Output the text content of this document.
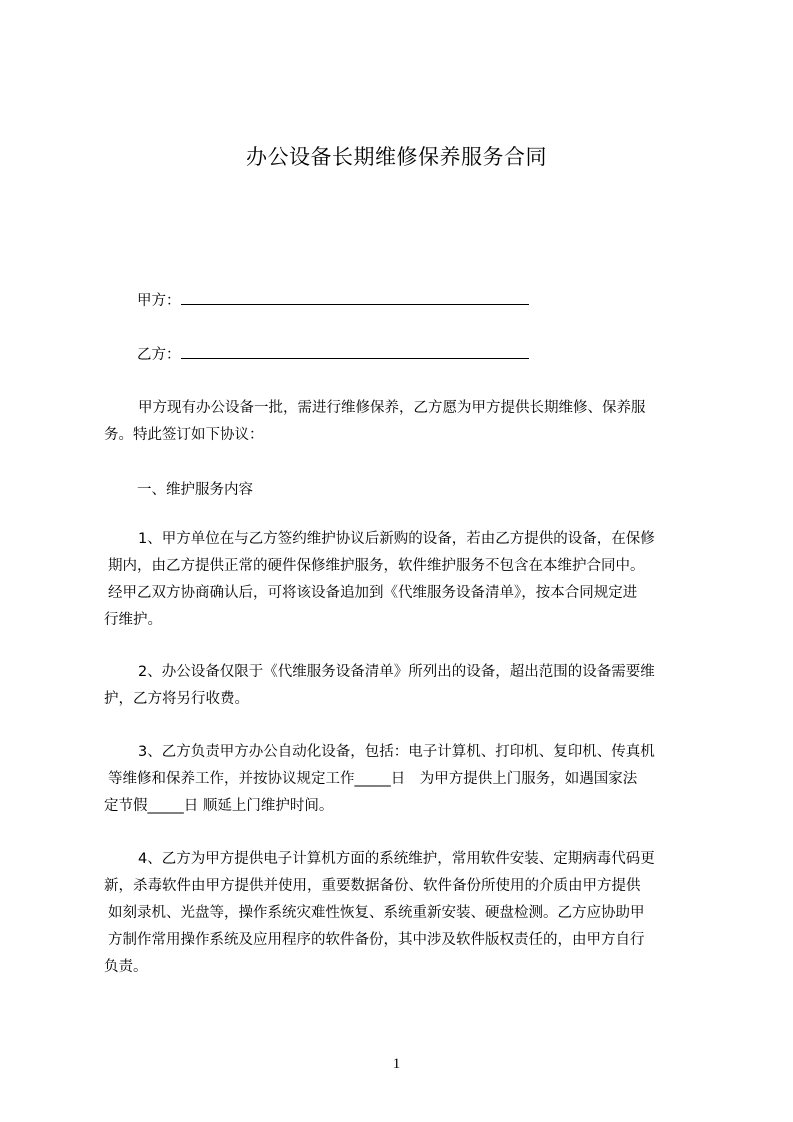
办公设备长期维修保养服务合同
甲方：
乙方：
甲方现有办公设备一批，需进行维修保养，乙方愿为甲方提供长期维修、保养服
务。特此签订如下协议：
一、维护服务内容
1、甲方单位在与乙方签约维护协议后新购的设备，若由乙方提供的设备，在保修
期内，由乙方提供正常的硬件保修维护服务，软件维护服务不包含在本维护合同中。
经甲乙双方协商确认后，可将该设备追加到《代维服务设备清单》，按本合同规定进
行维护。
2、办公设备仅限于《代维服务设备清单》所列出的设备，超出范围的设备需要维
护，乙方将另行收费。
3、乙方负责甲方办公自动化设备，包括：电子计算机、打印机、复印机、传真机
等维修和保养工作，并按协议规定工作_____日　为甲方提供上门服务，如遇国家法
定节假_____日 顺延上门维护时间。
4、乙方为甲方提供电子计算机方面的系统维护，常用软件安装、定期病毒代码更
新，杀毒软件由甲方提供并使用，重要数据备份、软件备份所使用的介质由甲方提供
如刻录机、光盘等，操作系统灾难性恢复、系统重新安装、硬盘检测。乙方应协助甲
方制作常用操作系统及应用程序的软件备份，其中涉及软件版权责任的，由甲方自行
负责。
1
